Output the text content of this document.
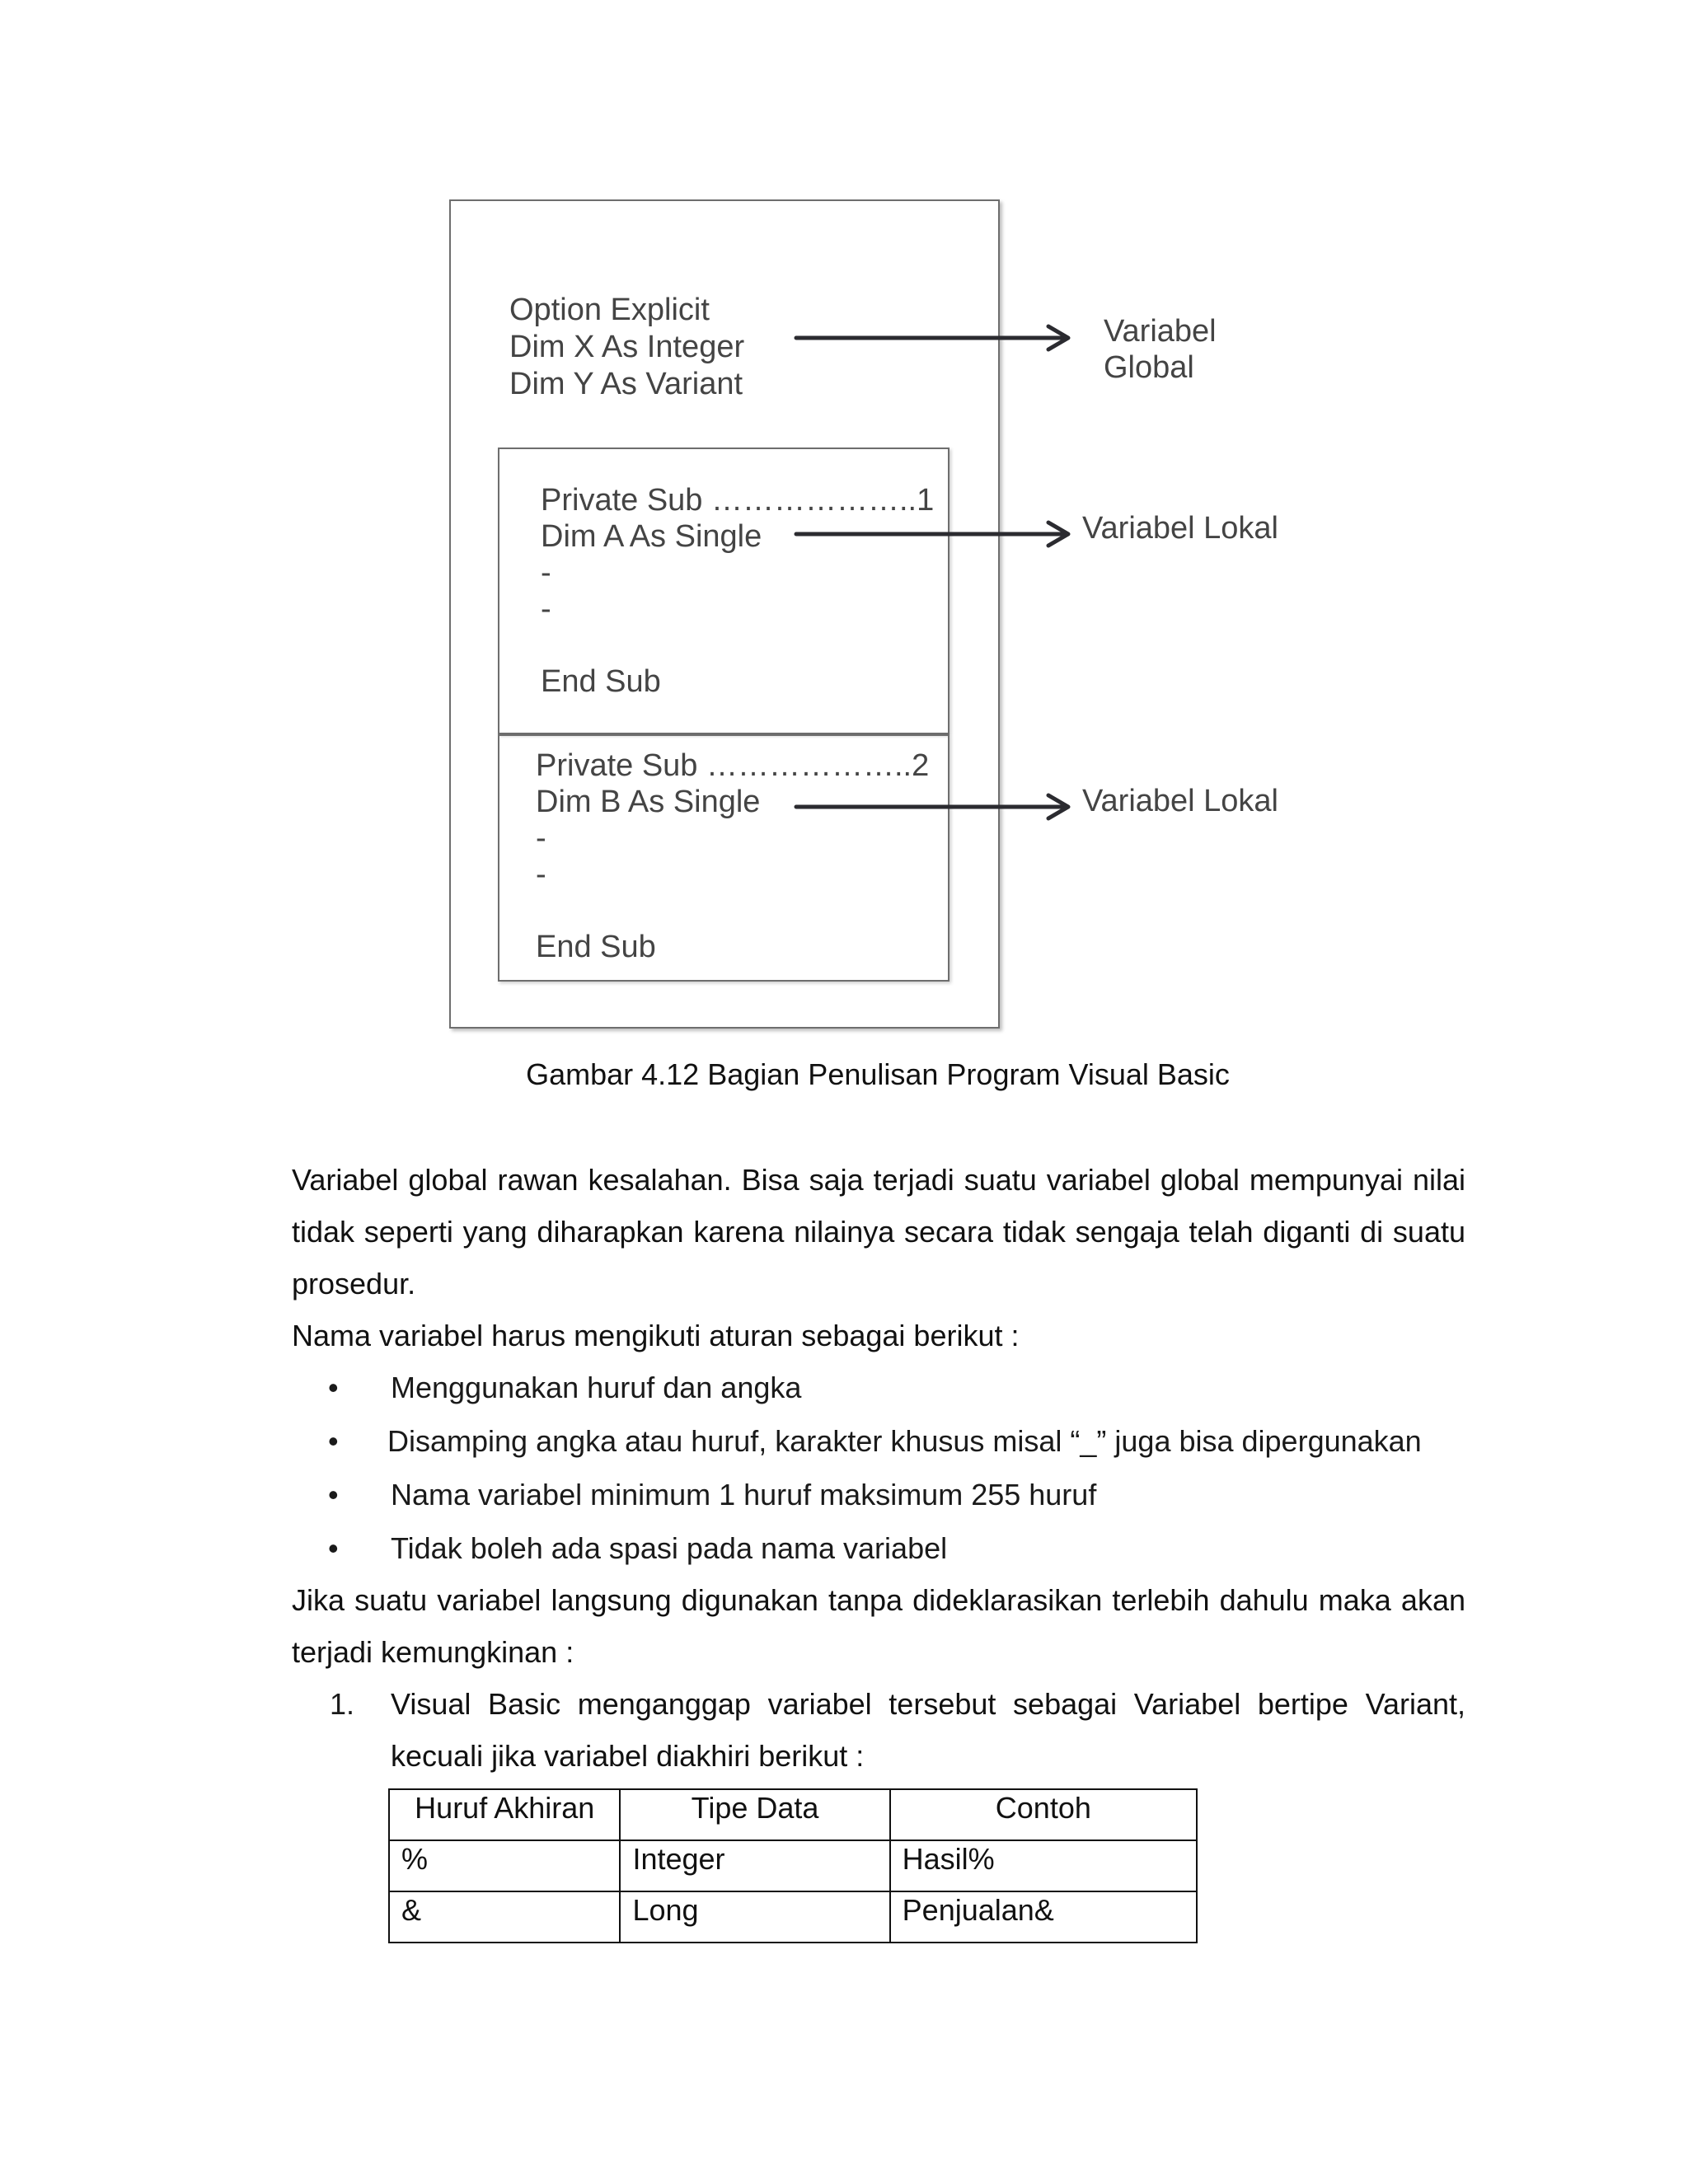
Option Explicit
Dim X As Integer
Dim Y As Variant
Private Sub ………………..1
Dim A As Single
-
-
End Sub
Private Sub ………………..2
Dim B As Single
-
-
End Sub
Variabel
Global
Variabel Lokal
Variabel Lokal
Gambar 4.12 Bagian Penulisan Program Visual Basic
Variabel global rawan kesalahan. Bisa saja terjadi suatu variabel global mempunyai nilai
tidak seperti yang diharapkan karena nilainya secara tidak sengaja telah diganti di suatu
prosedur.
Nama variabel harus mengikuti aturan sebagai berikut :
• Menggunakan huruf dan angka
• Disamping angka atau huruf, karakter khusus misal “_” juga bisa dipergunakan
• Nama variabel minimum 1 huruf maksimum 255 huruf
• Tidak boleh ada spasi pada nama variabel
Jika suatu variabel langsung digunakan tanpa dideklarasikan terlebih dahulu maka akan
terjadi kemungkinan :
1. Visual Basic menganggap variabel tersebut sebagai Variabel bertipe Variant,
kecuali jika variabel diakhiri berikut :
Huruf Akhiran	Tipe Data	Contoh
%	Integer	Hasil%
&	Long	Penjualan&
